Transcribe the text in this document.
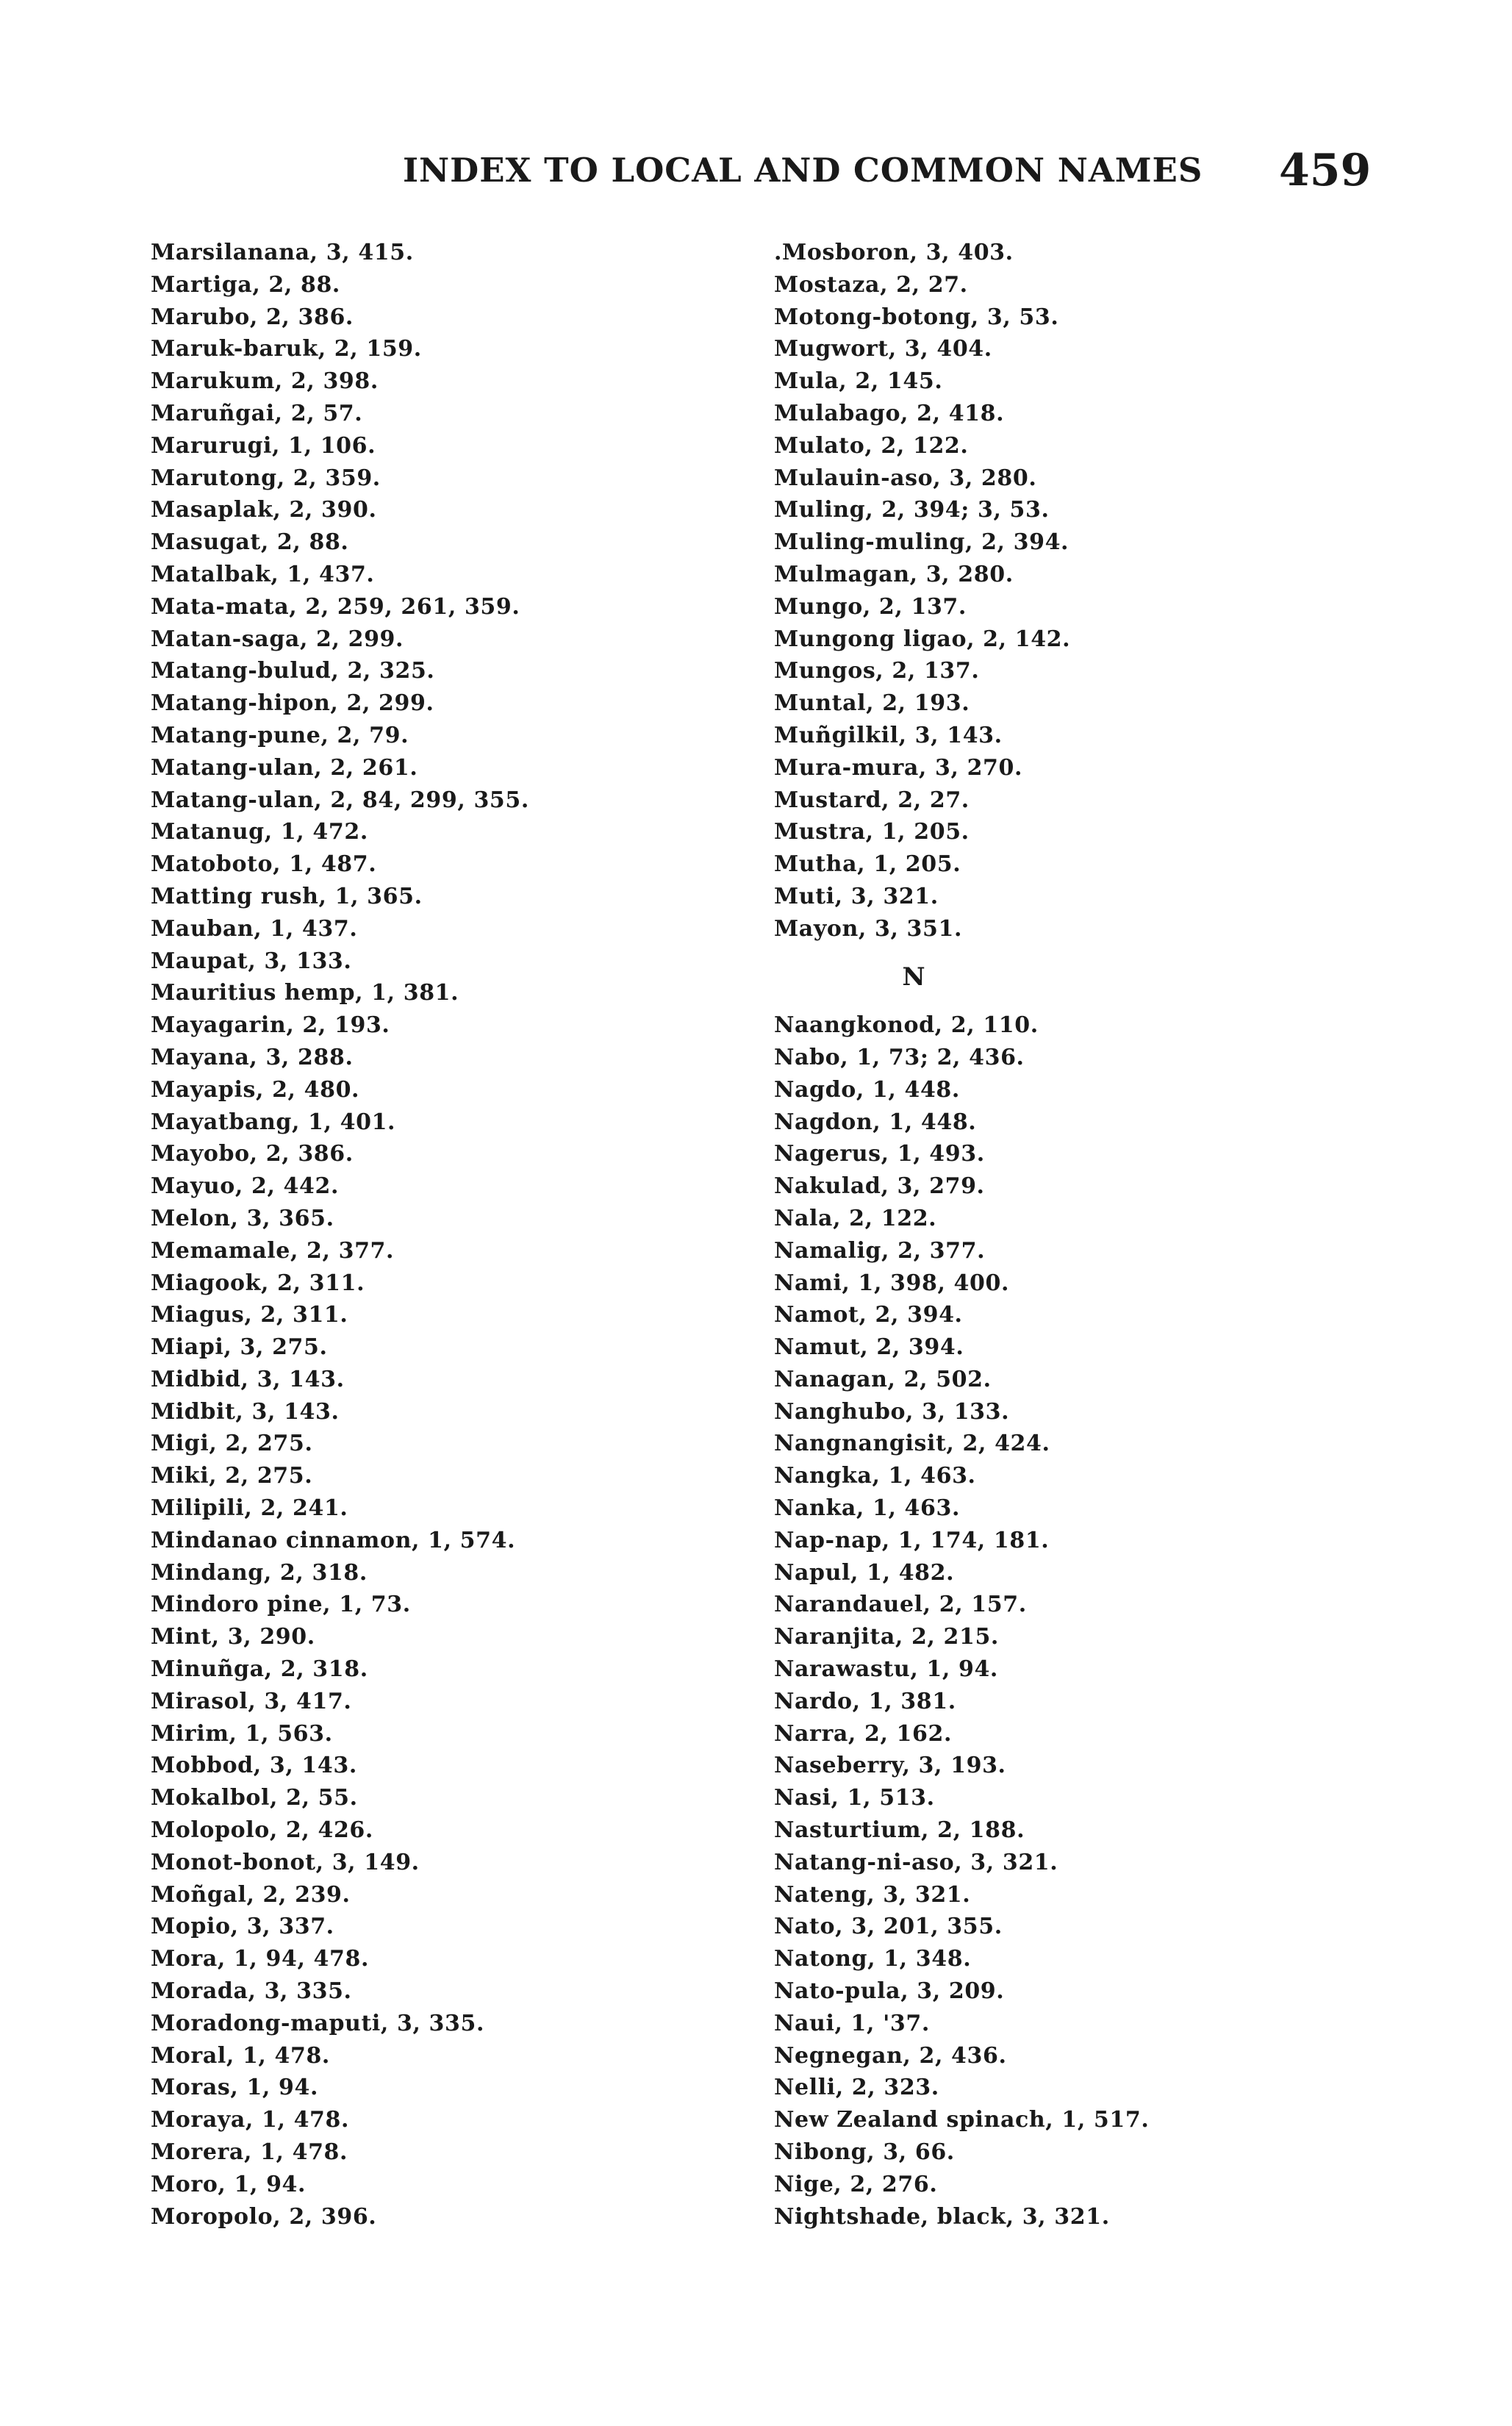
INDEX TO LOCAL AND COMMON NAMES 459
Marsilanana, 3, 415.
Martiga, 2, 88.
Marubo, 2, 386.
Maruk-baruk, 2, 159.
Marukum, 2, 398.
Maruñgai, 2, 57.
Marurugi, 1, 106.
Marutong, 2, 359.
Masaplak, 2, 390.
Masugat, 2, 88.
Matalbak, 1, 437.
Mata-mata, 2, 259, 261, 359.
Matan-saga, 2, 299.
Matang-bulud, 2, 325.
Matang-hipon, 2, 299.
Matang-pune, 2, 79.
Matang-ulan, 2, 261.
Matang-ulan, 2, 84, 299, 355.
Matanug, 1, 472.
Matoboto, 1, 487.
Matting rush, 1, 365.
Mauban, 1, 437.
Maupat, 3, 133.
Mauritius hemp, 1, 381.
Mayagarin, 2, 193.
Mayana, 3, 288.
Mayapis, 2, 480.
Mayatbang, 1, 401.
Mayobo, 2, 386.
Mayuo, 2, 442.
Melon, 3, 365.
Memamale, 2, 377.
Miagook, 2, 311.
Miagus, 2, 311.
Miapi, 3, 275.
Midbid, 3, 143.
Midbit, 3, 143.
Migi, 2, 275.
Miki, 2, 275.
Milipili, 2, 241.
Mindanao cinnamon, 1, 574.
Mindang, 2, 318.
Mindoro pine, 1, 73.
Mint, 3, 290.
Minuñga, 2, 318.
Mirasol, 3, 417.
Mirim, 1, 563.
Mobbod, 3, 143.
Mokalbol, 2, 55.
Molopolo, 2, 426.
Monot-bonot, 3, 149.
Moñgal, 2, 239.
Mopio, 3, 337.
Mora, 1, 94, 478.
Morada, 3, 335.
Moradong-maputi, 3, 335.
Moral, 1, 478.
Moras, 1, 94.
Moraya, 1, 478.
Morera, 1, 478.
Moro, 1, 94.
Moropolo, 2, 396.
.Mosboron, 3, 403.
Mostaza, 2, 27.
Motong-botong, 3, 53.
Mugwort, 3, 404.
Mula, 2, 145.
Mulabago, 2, 418.
Mulato, 2, 122.
Mulauin-aso, 3, 280.
Muling, 2, 394; 3, 53.
Muling-muling, 2, 394.
Mulmagan, 3, 280.
Mungo, 2, 137.
Mungong ligao, 2, 142.
Mungos, 2, 137.
Muntal, 2, 193.
Muñgilkil, 3, 143.
Mura-mura, 3, 270.
Mustard, 2, 27.
Mustra, 1, 205.
Mutha, 1, 205.
Muti, 3, 321.
Mayon, 3, 351.
N
Naangkonod, 2, 110.
Nabo, 1, 73; 2, 436.
Nagdo, 1, 448.
Nagdon, 1, 448.
Nagerus, 1, 493.
Nakulad, 3, 279.
Nala, 2, 122.
Namalig, 2, 377.
Nami, 1, 398, 400.
Namot, 2, 394.
Namut, 2, 394.
Nanagan, 2, 502.
Nanghubo, 3, 133.
Nangnangisit, 2, 424.
Nangka, 1, 463.
Nanka, 1, 463.
Nap-nap, 1, 174, 181.
Napul, 1, 482.
Narandauel, 2, 157.
Naranjita, 2, 215.
Narawastu, 1, 94.
Nardo, 1, 381.
Narra, 2, 162.
Naseberry, 3, 193.
Nasi, 1, 513.
Nasturtium, 2, 188.
Natang-ni-aso, 3, 321.
Nateng, 3, 321.
Nato, 3, 201, 355.
Natong, 1, 348.
Nato-pula, 3, 209.
Naui, 1, '37.
Negnegan, 2, 436.
Nelli, 2, 323.
New Zealand spinach, 1, 517.
Nibong, 3, 66.
Nige, 2, 276.
Nightshade, black, 3, 321.
